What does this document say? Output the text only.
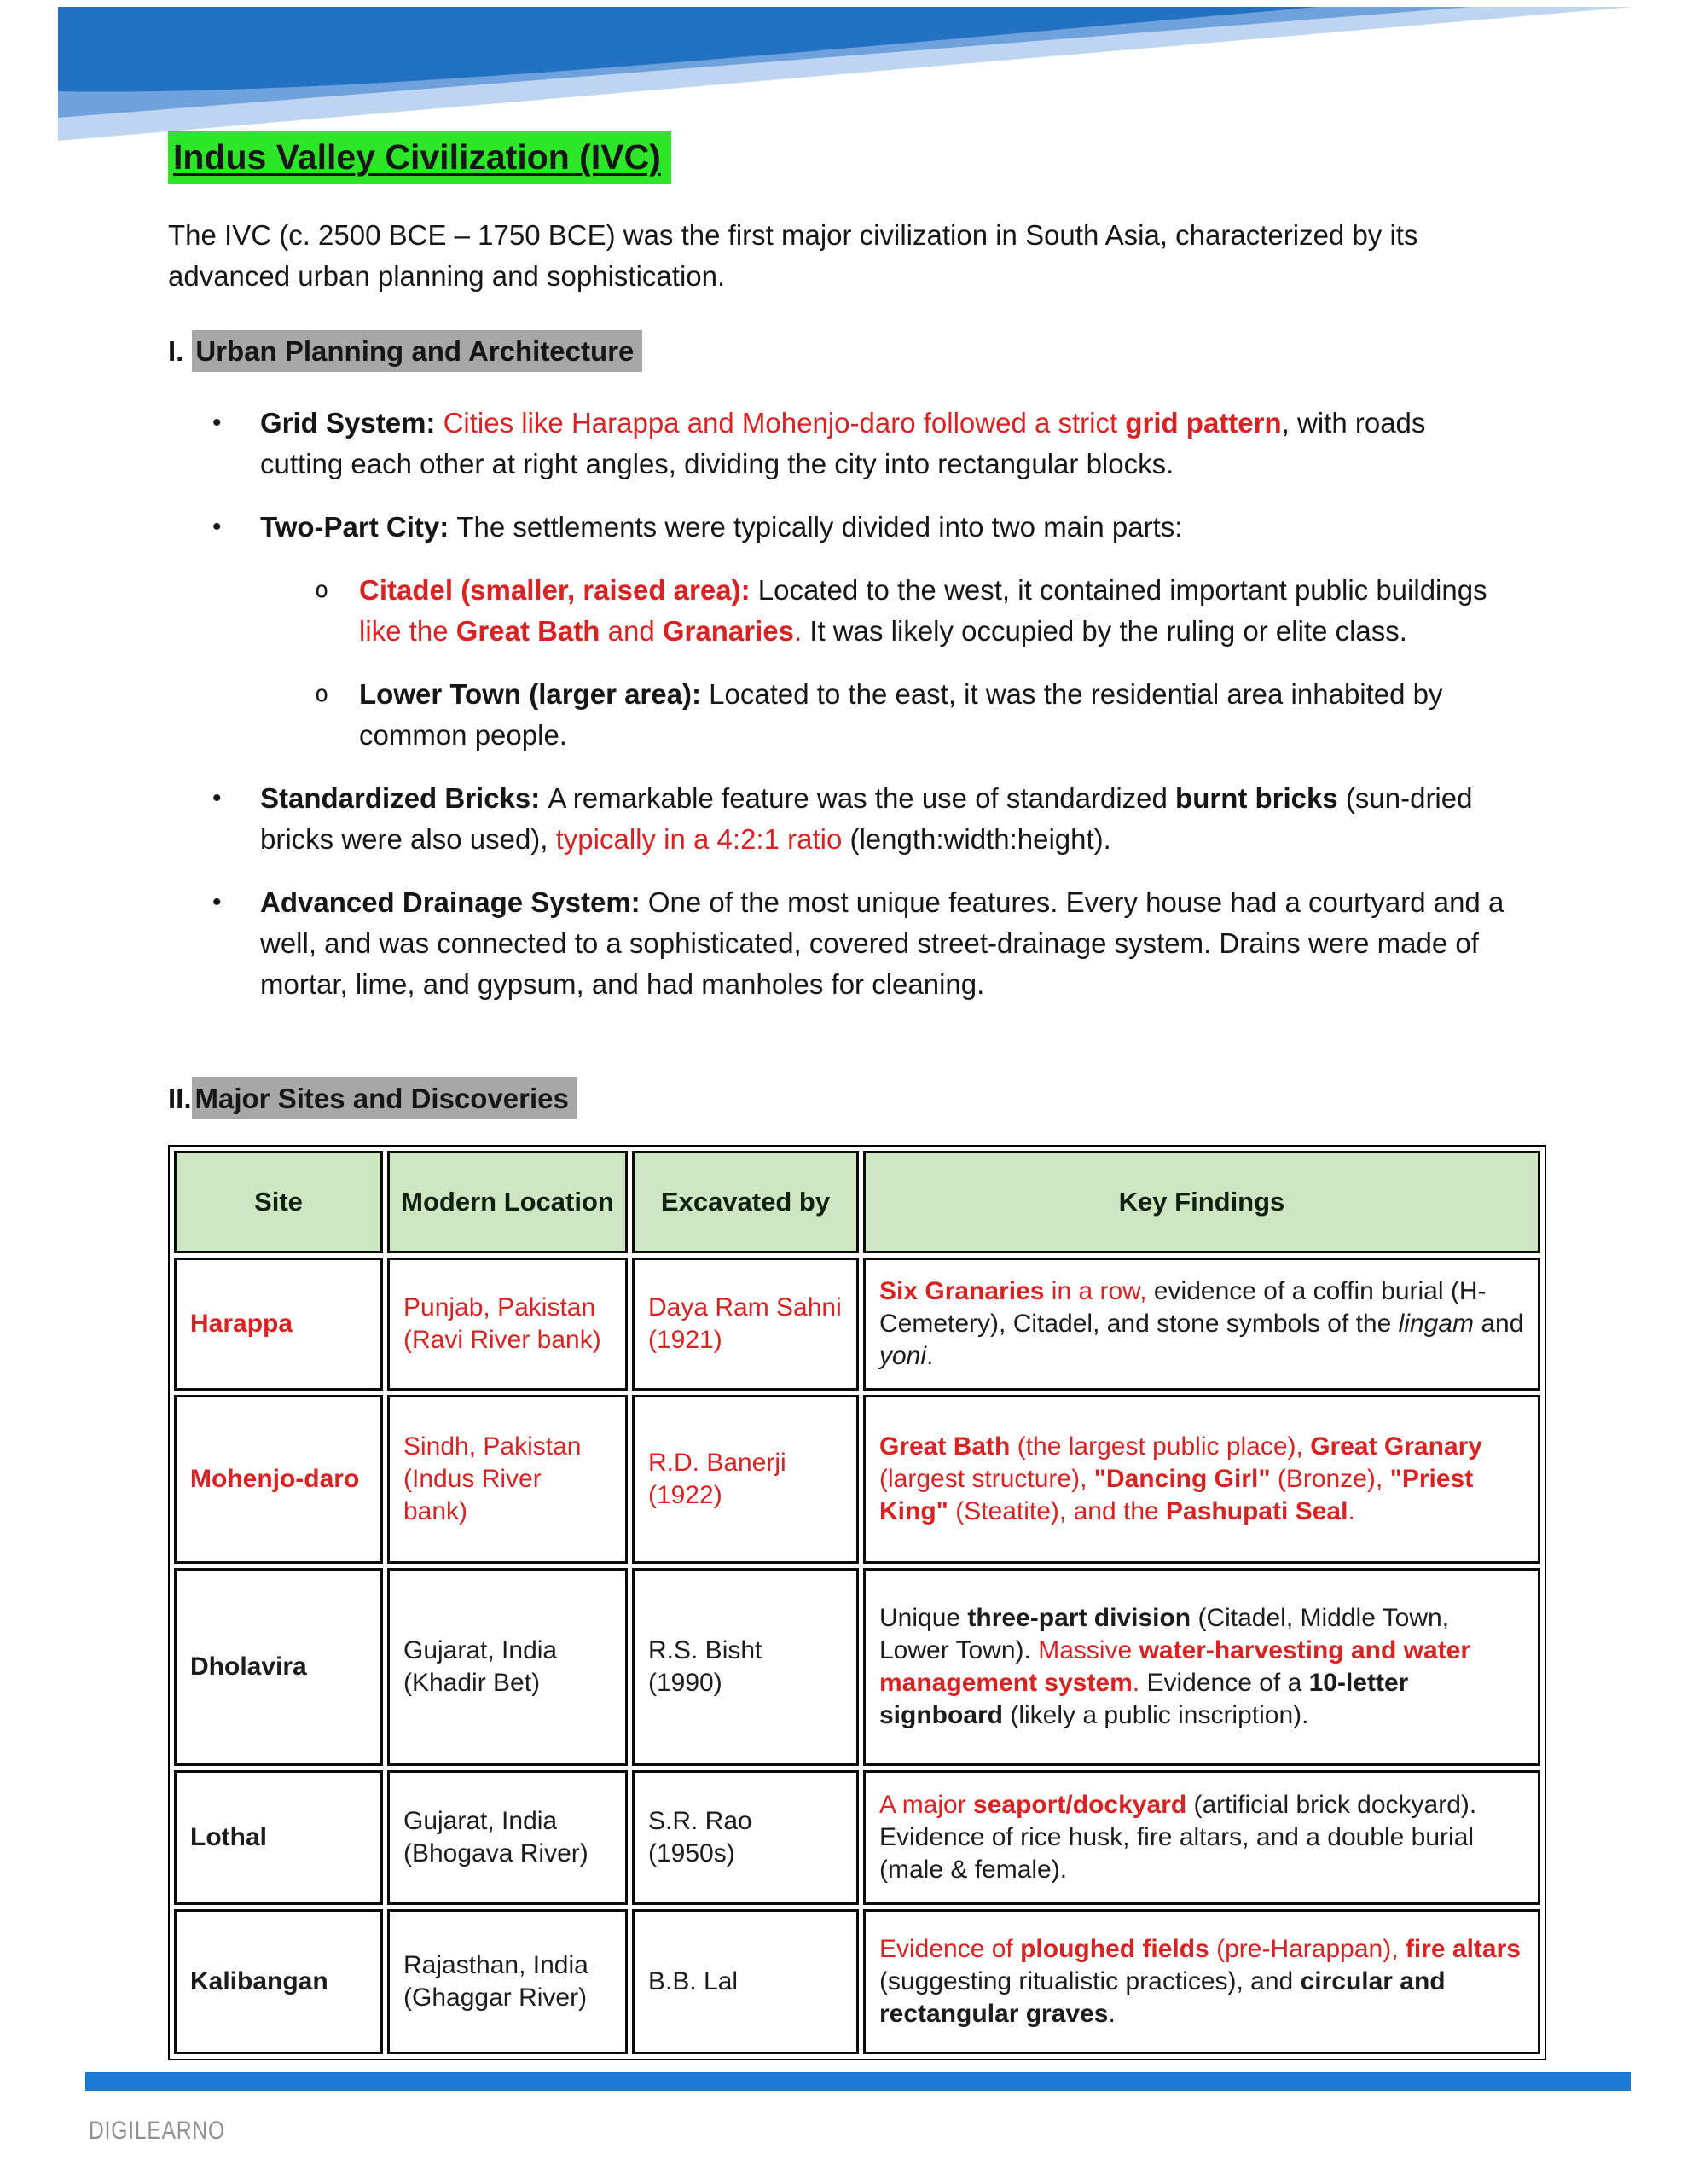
Indus Valley Civilization (IVC)

The IVC (c. 2500 BCE – 1750 BCE) was the first major civilization in South Asia, characterized by its advanced urban planning and sophistication.

I. Urban Planning and Architecture
•	Grid System: Cities like Harappa and Mohenjo-daro followed a strict grid pattern, with roads cutting each other at right angles, dividing the city into rectangular blocks.
•	Two-Part City: The settlements were typically divided into two main parts:
o	Citadel (smaller, raised area): Located to the west, it contained important public buildings like the Great Bath and Granaries. It was likely occupied by the ruling or elite class.
o	Lower Town (larger area): Located to the east, it was the residential area inhabited by common people.
•	Standardized Bricks: A remarkable feature was the use of standardized burnt bricks (sun-dried bricks were also used), typically in a 4:2:1 ratio (length:width:height).
•	Advanced Drainage System: One of the most unique features. Every house had a courtyard and a well, and was connected to a sophisticated, covered street-drainage system. Drains were made of mortar, lime, and gypsum, and had manholes for cleaning.
II. Major Sites and Discoveries
Site	Modern Location	Excavated by	Key Findings
Harappa	Punjab, Pakistan (Ravi River bank)	Daya Ram Sahni (1921)	Six Granaries in a row, evidence of a coffin burial (H-Cemetery), Citadel, and stone symbols of the lingam and yoni.
Mohenjo-daro	Sindh, Pakistan (Indus River bank)	R.D. Banerji (1922)	Great Bath (the largest public place), Great Granary (largest structure), "Dancing Girl" (Bronze), "Priest King" (Steatite), and the Pashupati Seal.
Dholavira	Gujarat, India (Khadir Bet)	R.S. Bisht (1990)	Unique three-part division (Citadel, Middle Town, Lower Town). Massive water-harvesting and water management system. Evidence of a 10-letter signboard (likely a public inscription).
Lothal	Gujarat, India (Bhogava River)	S.R. Rao (1950s)	A major seaport/dockyard (artificial brick dockyard). Evidence of rice husk, fire altars, and a double burial (male & female).
Kalibangan	Rajasthan, India (Ghaggar River)	B.B. Lal	Evidence of ploughed fields (pre-Harappan), fire altars (suggesting ritualistic practices), and circular and rectangular graves.
DIGILEARNO
